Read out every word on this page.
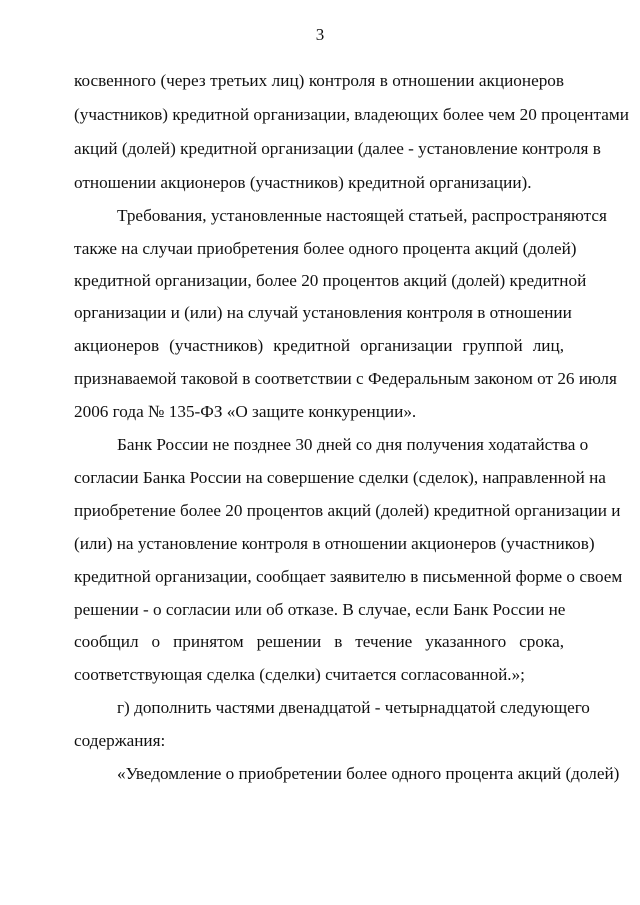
3
косвенного (через третьих лиц) контроля в отношении акционеров
(участников) кредитной организации, владеющих более чем 20 процентами
акций (долей) кредитной организации (далее - установление контроля в
отношении акционеров (участников) кредитной организации).
Требования, установленные настоящей статьей, распространяются
также на случаи приобретения более одного процента акций (долей)
кредитной организации, более 20 процентов акций (долей) кредитной
организации и (или) на случай установления контроля в отношении
акционеров (участников) кредитной организации группой лиц,
признаваемой таковой в соответствии с Федеральным законом от 26 июля
2006 года № 135-ФЗ «О защите конкуренции».
Банк России не позднее 30 дней со дня получения ходатайства о
согласии Банка России на совершение сделки (сделок), направленной на
приобретение более 20 процентов акций (долей) кредитной организации и
(или) на установление контроля в отношении акционеров (участников)
кредитной организации, сообщает заявителю в письменной форме о своем
решении - о согласии или об отказе. В случае, если Банк России не
сообщил о принятом решении в течение указанного срока,
соответствующая сделка (сделки) считается согласованной.»;
г) дополнить частями двенадцатой - четырнадцатой следующего
содержания:
«Уведомление о приобретении более одного процента акций (долей)
